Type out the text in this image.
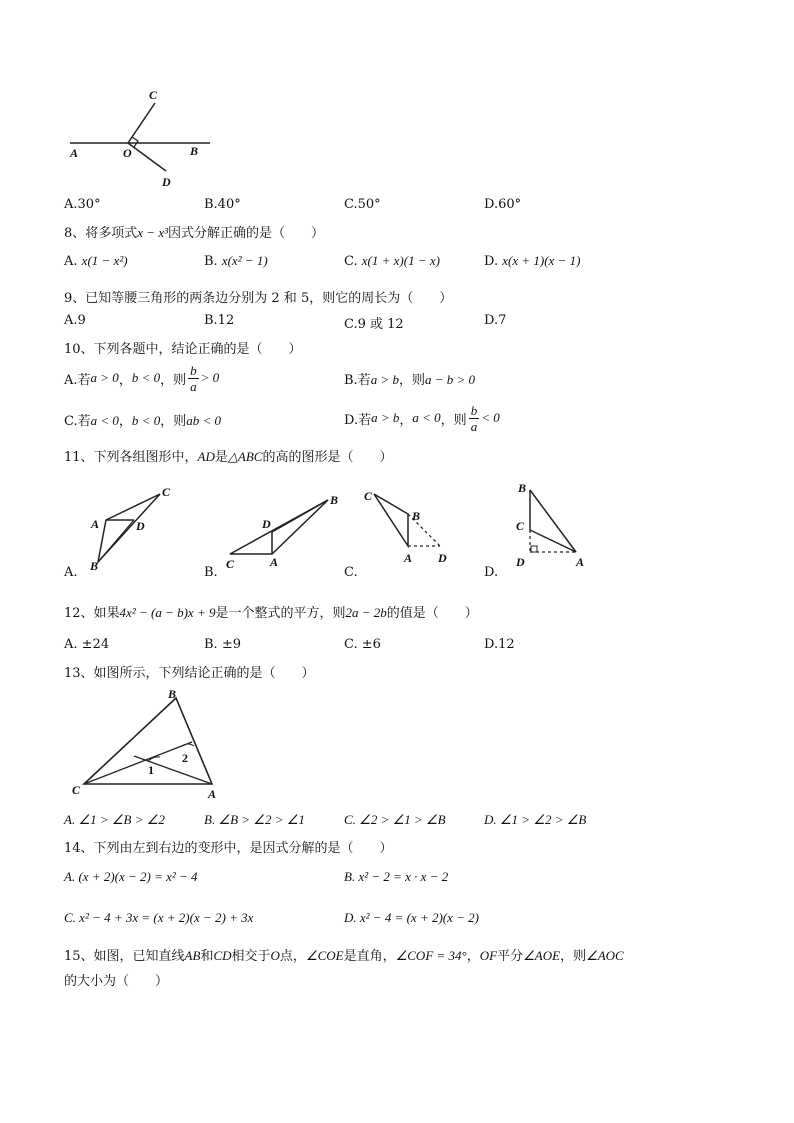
C
A	O	B
D
A.30°	B.40°	C.50°	D.60°
8、将多项式x − x³因式分解正确的是（　　）
A. x(1 − x²)	B. x(x² − 1)	C. x(1 + x)(1 − x)	D. x(x + 1)(x − 1)
9、已知等腰三角形的两条边分别为 2 和 5，则它的周长为（　　）
A.9	B.12	C.9 或 12	D.7
10、下列各题中，结论正确的是（　　）
A.若 a > 0 ， b < 0 ，则 $\frac{b}{a} > 0$	B.若a > b，则a − b > 0
C.若a < 0，b < 0，则ab < 0	D.若 a > b ， a < 0 ，则 $\frac{b}{a} < 0$
11、下列各组图形中，AD是△ABC的高的图形是（　　）
C
A	D
B
B
D
C	A
C
B
A D
B
C
D	A
A.	B.	C.	D.
12、如果4x² − (a − b)x + 9是一个整式的平方，则2a − 2b的值是（　　）
A. ±24	B. ±9	C. ±6	D.12
13、如图所示，下列结论正确的是（　　）
B
C	A
1
2
A. ∠1 > ∠B > ∠2	B. ∠B > ∠2 > ∠1	C. ∠2 > ∠1 > ∠B	D. ∠1 > ∠2 > ∠B
14、下列由左到右边的变形中，是因式分解的是（　　）
A. (x + 2)(x − 2) = x² − 4	B. x² − 2 = x · x − 2
C. x² − 4 + 3x = (x + 2)(x − 2) + 3x	D. x² − 4 = (x + 2)(x − 2)
15、如图，已知直线AB和CD相交于O点，∠COE是直角，∠COF = 34°，OF平分∠AOE，则∠AOC
的大小为（　　）
